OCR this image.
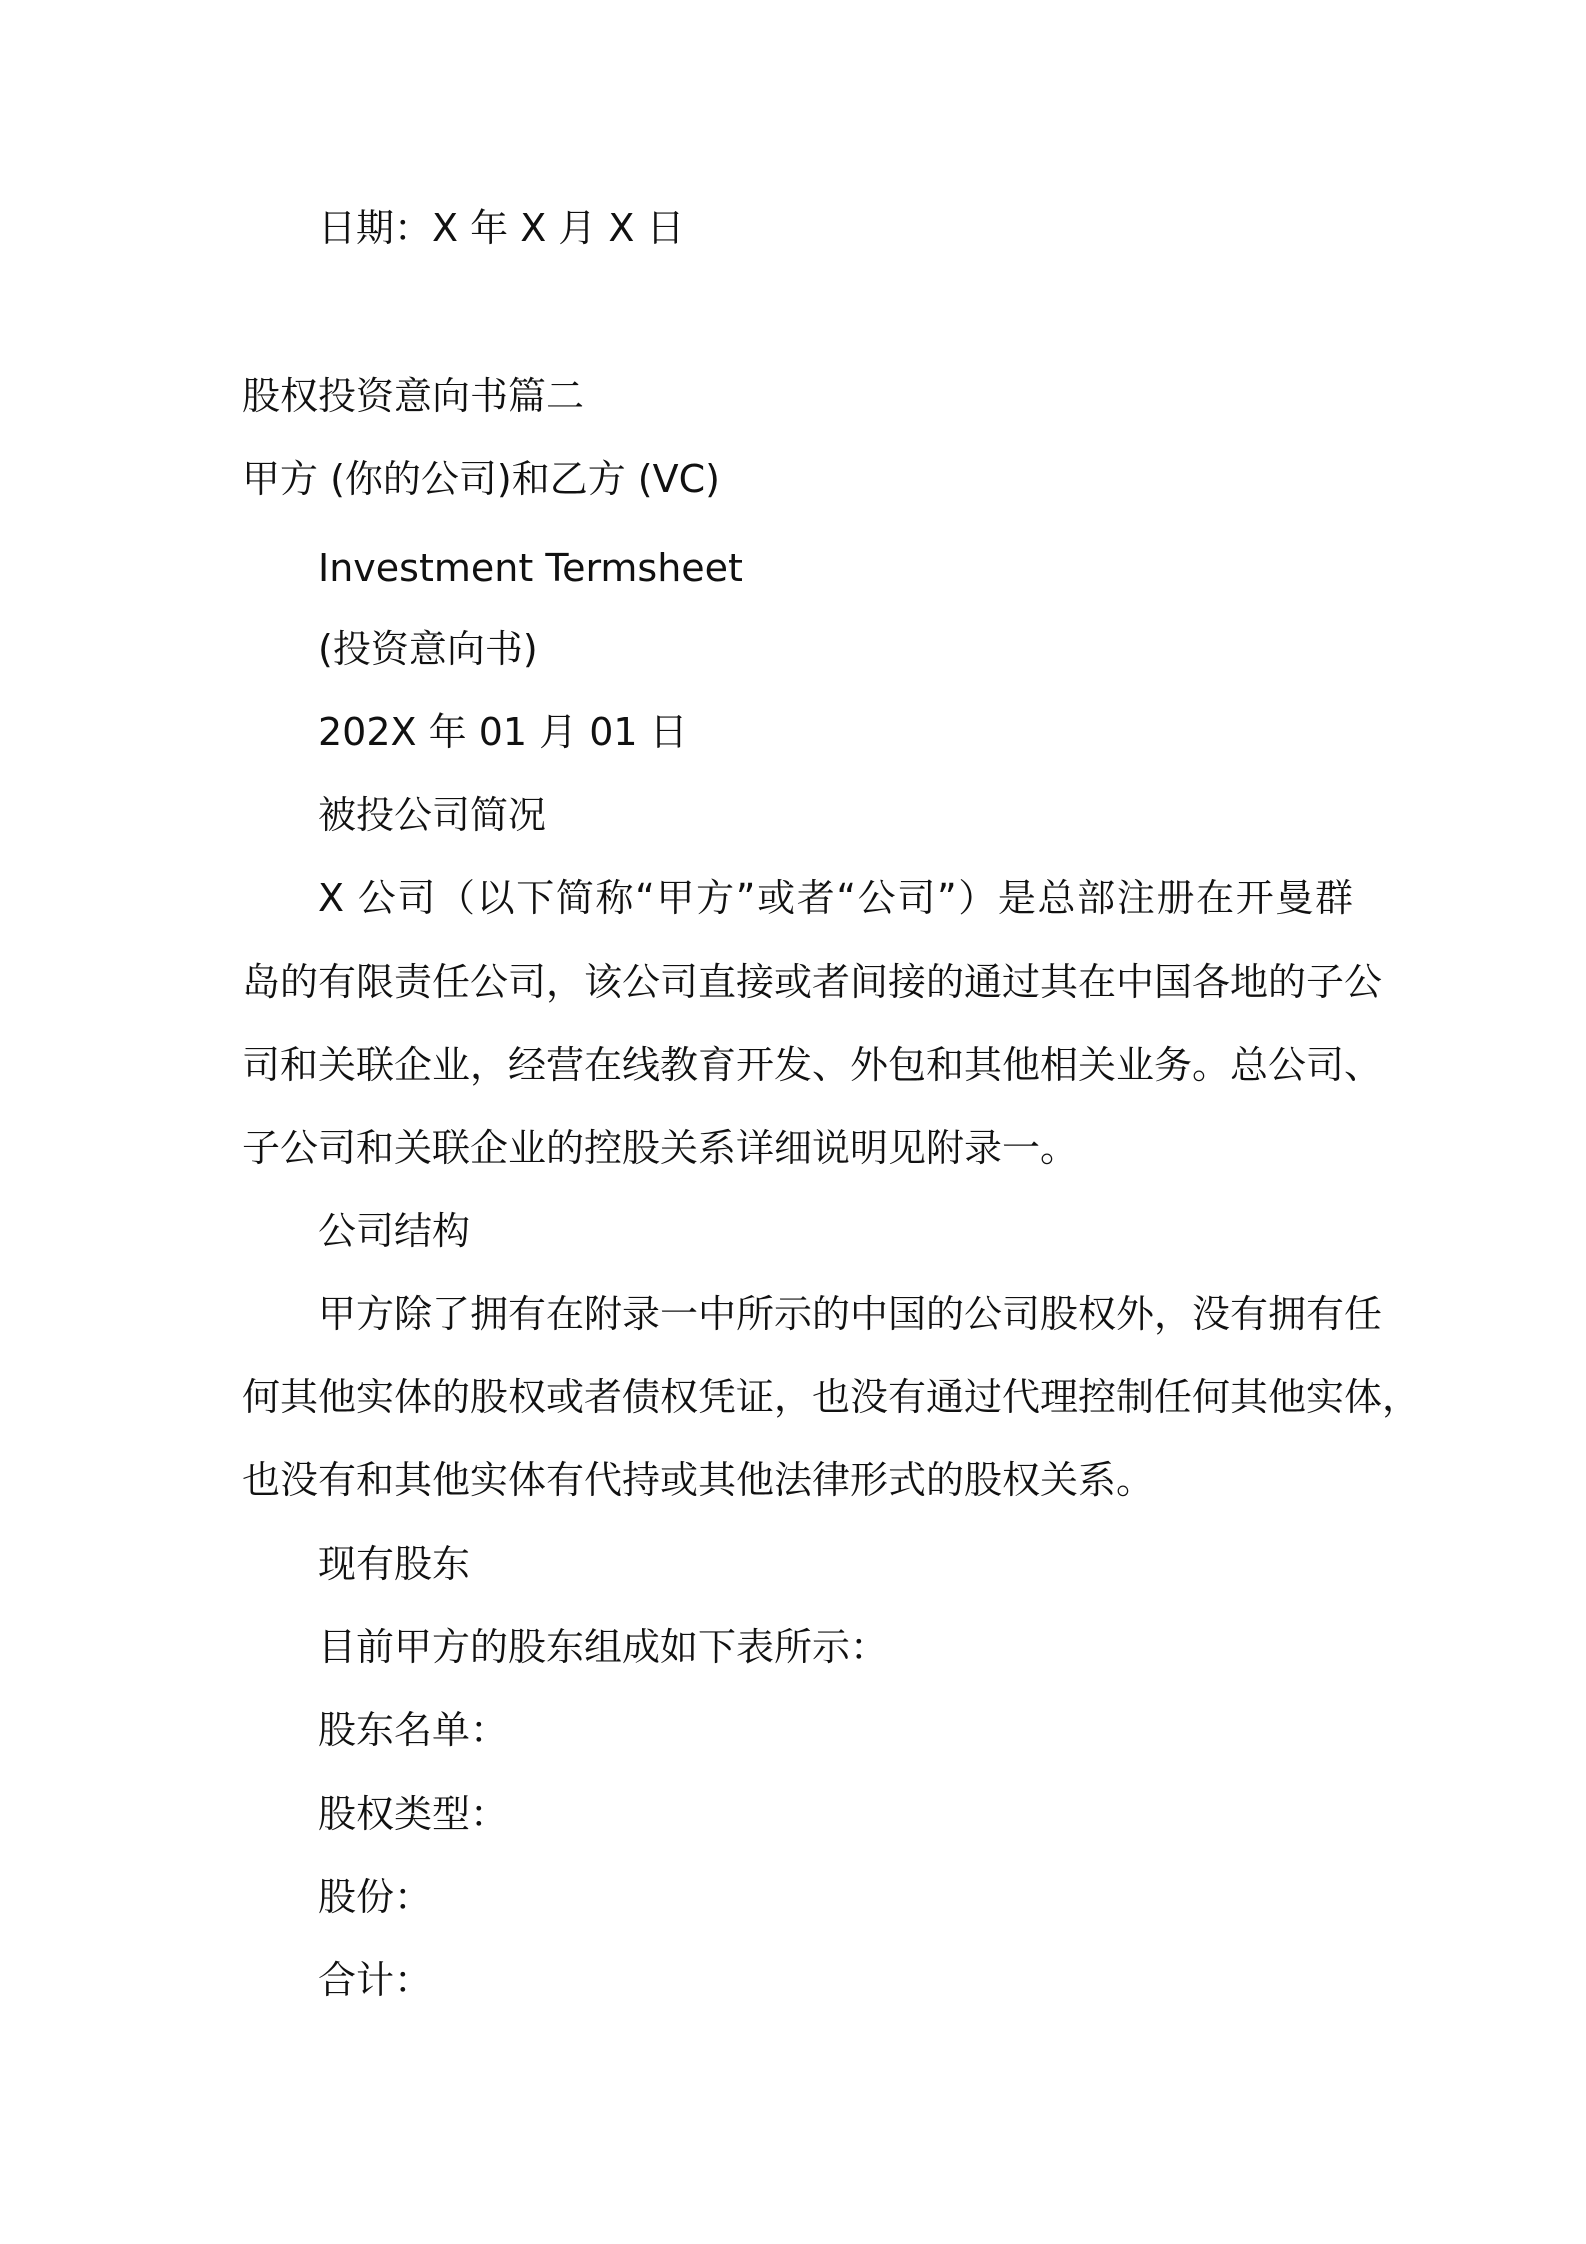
日期：X 年 X 月 X 日
股权投资意向书篇二
甲方 (你的公司)和乙方 (VC)
Investment Termsheet
(投资意向书)
202X 年 01 月 01 日
被投公司简况
X 公司（以下简称“甲方”或者“公司”）是总部注册在开曼群
岛的有限责任公司，该公司直接或者间接的通过其在中国各地的子公
司和关联企业，经营在线教育开发、外包和其他相关业务。总公司、
子公司和关联企业的控股关系详细说明见附录一。
公司结构
甲方除了拥有在附录一中所示的中国的公司股权外，没有拥有任
何其他实体的股权或者债权凭证，也没有通过代理控制任何其他实体，
也没有和其他实体有代持或其他法律形式的股权关系。
现有股东
目前甲方的股东组成如下表所示：
股东名单：
股权类型：
股份：
合计：
